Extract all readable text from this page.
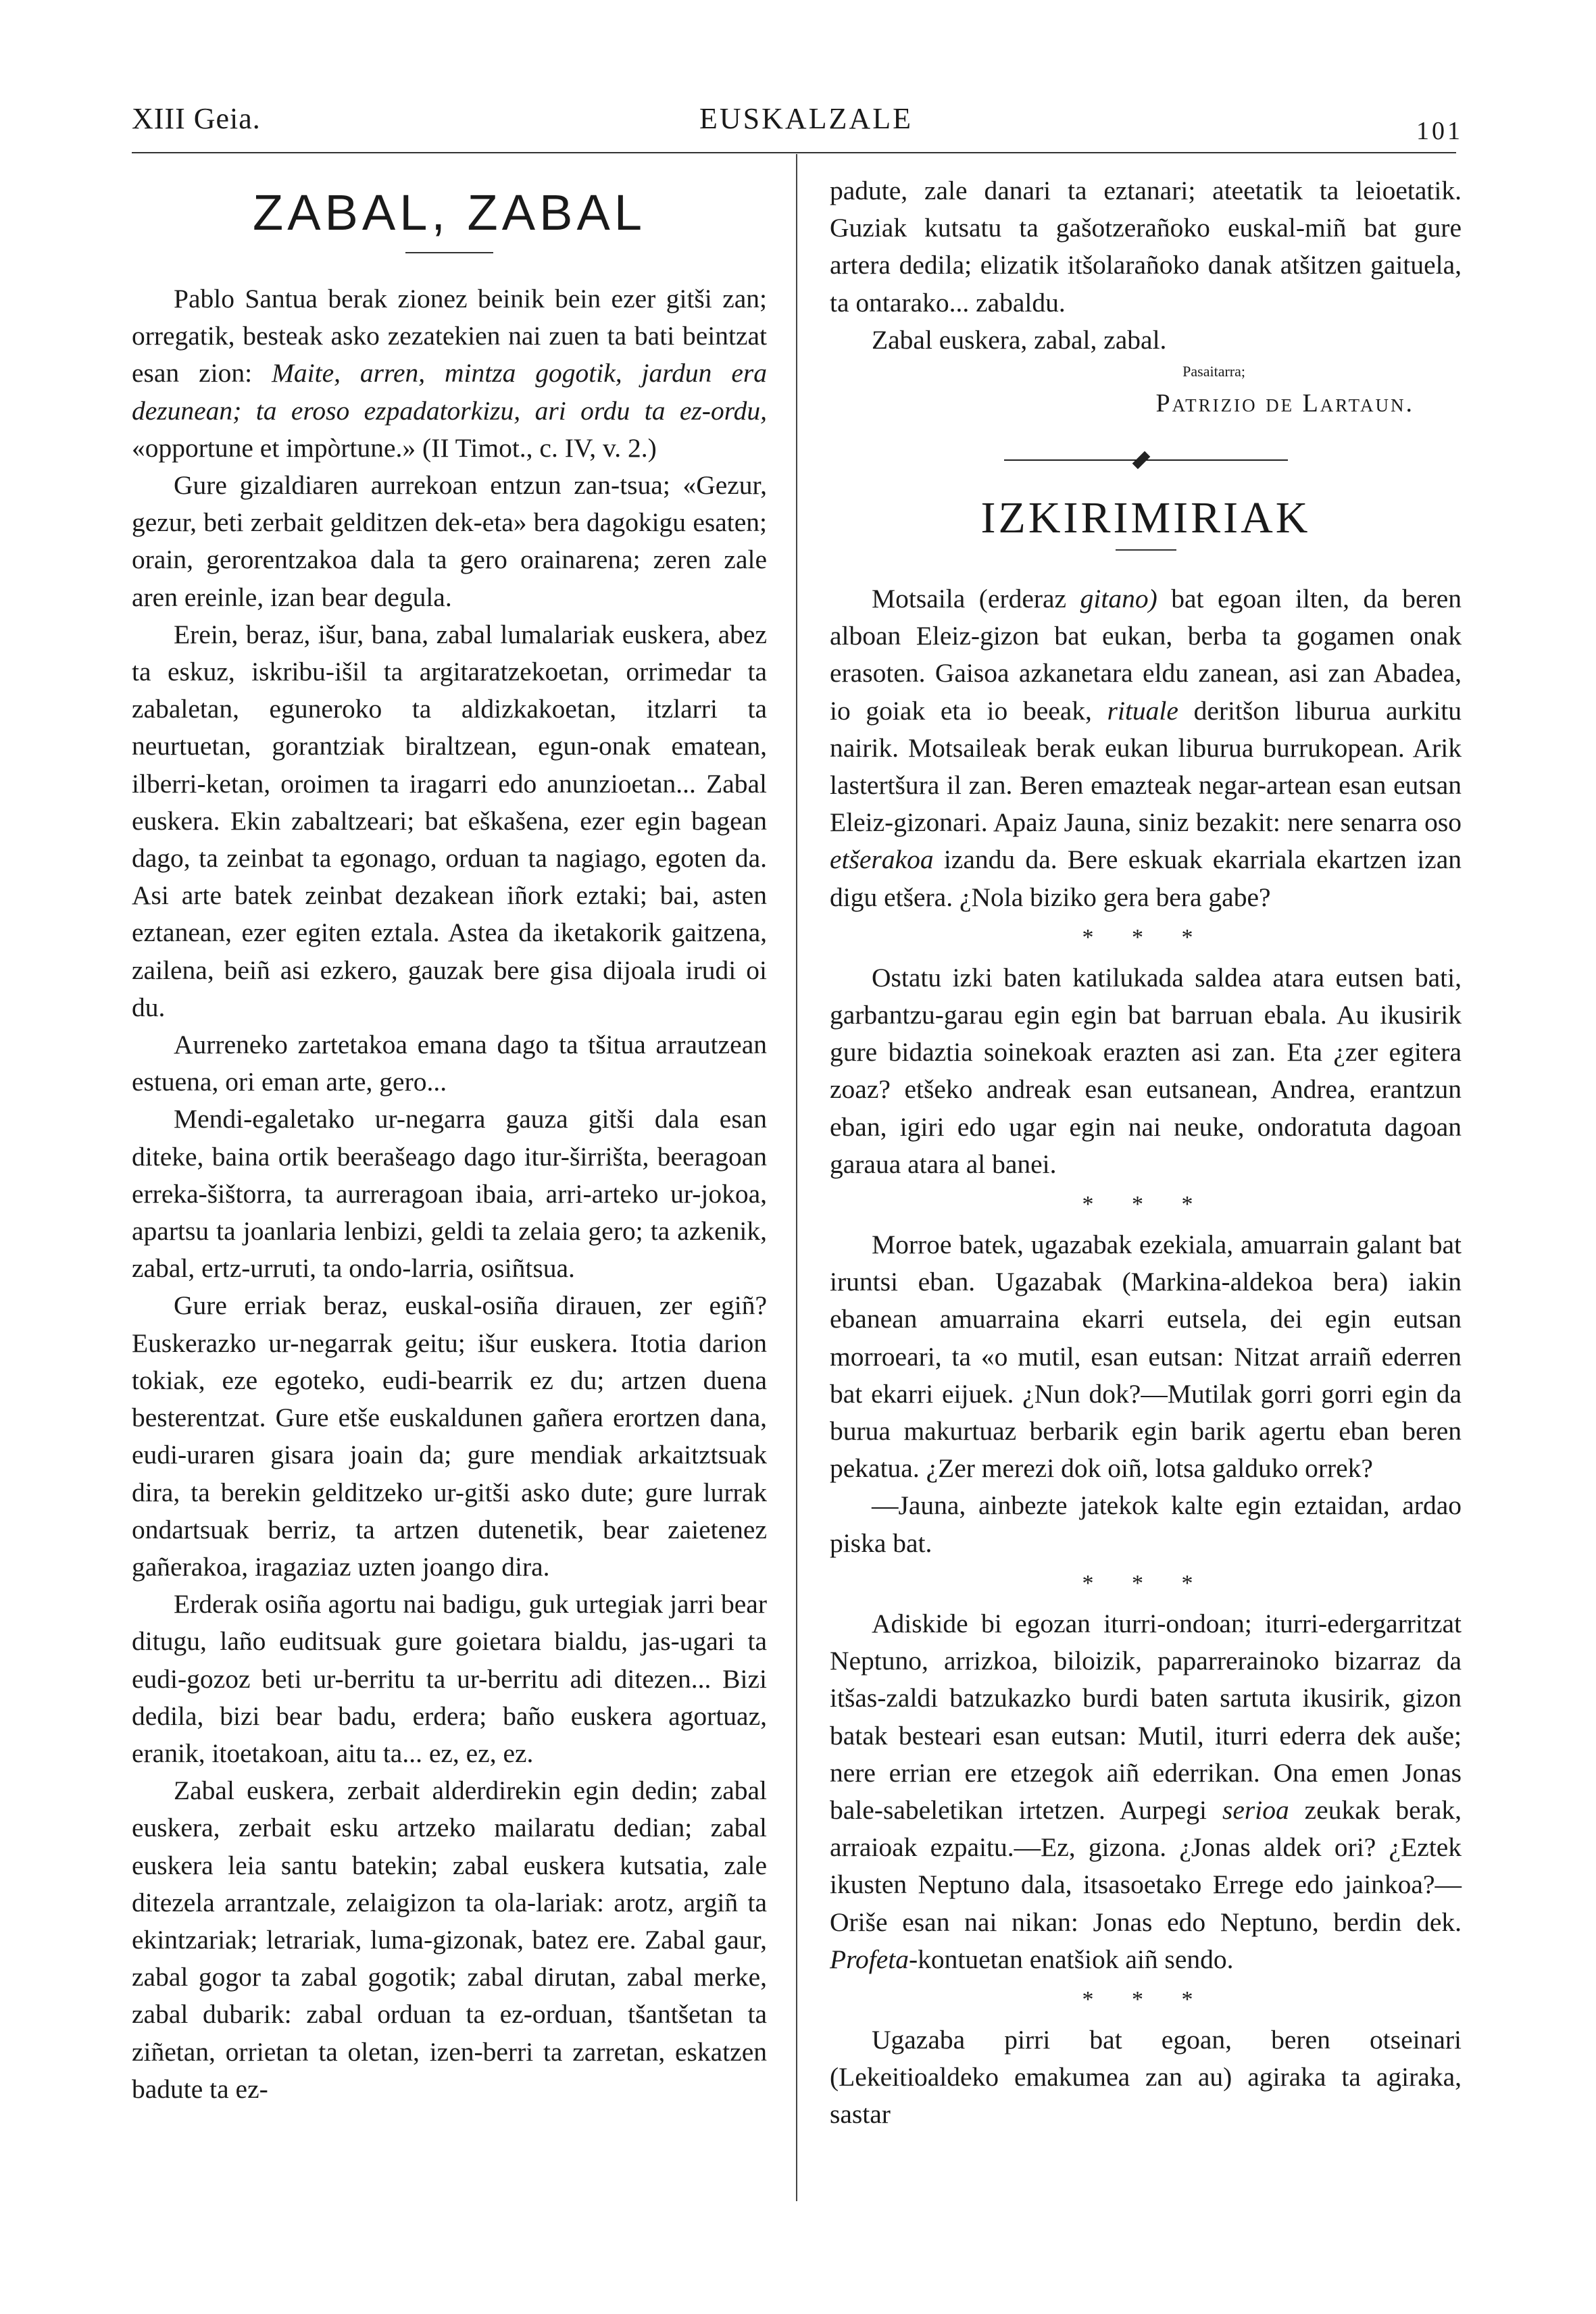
XIII Geia.	EUSKALZALE	101
ZABAL, ZABAL

Pablo Santua berak zionez beinik bein ezer gitši zan; orregatik, besteak asko zezatekien nai zuen ta bati beintzat esan zion: Maite, arren, mintza gogotik, jardun era dezunean; ta eroso ezpadatorkizu, ari ordu ta ez-ordu, «opportune et impòrtune.» (II Timot., c. IV, v. 2.)

Gure gizaldiaren aurrekoan entzun zan-tsua; «Gezur, gezur, beti zerbait gelditzen dek-eta» bera dagokigu esaten; orain, gerorentzakoa dala ta gero orainarena; zeren zale aren ereinle, izan bear degula.

Erein, beraz, išur, bana, zabal lumalariak euskera, abez ta eskuz, iskribu-išil ta argitaratzekoetan, orrimedar ta zabaletan, eguneroko ta aldizkakoetan, itzlarri ta neurtuetan, gorantziak biraltzean, egun-onak ematean, ilberri-ketan, oroimen ta iragarri edo anunzioetan... Zabal euskera. Ekin zabaltzeari; bat eškašena, ezer egin bagean dago, ta zeinbat ta egonago, orduan ta nagiago, egoten da. Asi arte batek zeinbat dezakean iñork eztaki; bai, asten eztanean, ezer egiten eztala. Astea da iketakorik gaitzena, zailena, beiñ asi ezkero, gauzak bere gisa dijoala irudi oi du.

Aurreneko zartetakoa emana dago ta tšitua arrautzean estuena, ori eman arte, gero...

Mendi-egaletako ur-negarra gauza gitši dala esan diteke, baina ortik beerašeago dago itur-širrišta, beeragoan erreka-šištorra, ta aurreragoan ibaia, arri-arteko ur-jokoa, apartsu ta joanlaria lenbizi, geldi ta zelaia gero; ta azkenik, zabal, ertz-urruti, ta ondo-larria, osiñtsua.

Gure erriak beraz, euskal-osiña dirauen, zer egiñ? Euskerazko ur-negarrak geitu; išur euskera. Itotia darion tokiak, eze egoteko, eudi-bearrik ez du; artzen duena besterentzat. Gure etše euskaldunen gañera erortzen dana, eudi-uraren gisara joain da; gure mendiak arkaitztsuak dira, ta berekin gelditzeko ur-gitši asko dute; gure lurrak ondartsuak berriz, ta artzen dutenetik, bear zaietenez gañerakoa, iragaziaz uzten joango dira.

Erderak osiña agortu nai badigu, guk urtegiak jarri bear ditugu, laño euditsuak gure goietara bialdu, jas-ugari ta eudi-gozoz beti ur-berritu ta ur-berritu adi ditezen... Bizi dedila, bizi bear badu, erdera; baño euskera agortuaz, eranik, itoetakoan, aitu ta... ez, ez, ez.

Zabal euskera, zerbait alderdirekin egin dedin; zabal euskera, zerbait esku artzeko mailaratu dedian; zabal euskera leia santu batekin; zabal euskera kutsatia, zale ditezela arrantzale, zelaigizon ta ola-lariak: arotz, argiñ ta ekintzariak; letrariak, luma-gizonak, batez ere. Zabal gaur, zabal gogor ta zabal gogotik; zabal dirutan, zabal merke, zabal dubarik: zabal orduan ta ez-orduan, tšantšetan ta ziñetan, orrietan ta oletan, izen-berri ta zarretan, eskatzen badute ta ez-

padute, zale danari ta eztanari; ateetatik ta leioetatik. Guziak kutsatu ta gašotzerañoko euskal-miñ bat gure artera dedila; elizatik itšolarañoko danak atšitzen gaituela, ta ontarako... zabaldu.

Zabal euskera, zabal, zabal.

Pasaitarra;
Patrizio de Lartaun.
IZKIRIMIRIAK

Motsaila (erderaz gitano) bat egoan ilten, da beren alboan Eleiz-gizon bat eukan, berba ta gogamen onak erasoten. Gaisoa azkanetara eldu zanean, asi zan Abadea, io goiak eta io beeak, rituale deritšon liburua aurkitu nairik. Motsaileak berak eukan liburua burrukopean. Arik lastertšura il zan. Beren emazteak negar-artean esan eutsan Eleiz-gizonari. Apaiz Jauna, siniz bezakit: nere senarra oso etšerakoa izandu da. Bere eskuak ekarriala ekartzen izan digu etšera. ¿Nola biziko gera bera gabe?

* * *

Ostatu izki baten katilukada saldea atara eutsen bati, garbantzu-garau egin egin bat barruan ebala. Au ikusirik gure bidaztia soinekoak erazten asi zan. Eta ¿zer egitera zoaz? etšeko andreak esan eutsanean, Andrea, erantzun eban, igiri edo ugar egin nai neuke, ondoratuta dagoan garaua atara al banei.

* * *

Morroe batek, ugazabak ezekiala, amuarrain galant bat iruntsi eban. Ugazabak (Markina-aldekoa bera) iakin ebanean amuarraina ekarri eutsela, dei egin eutsan morroeari, ta «o mutil, esan eutsan: Nitzat arraiñ ederren bat ekarri eijuek. ¿Nun dok?—Mutilak gorri gorri egin da burua makurtuaz berbarik egin barik agertu eban beren pekatua. ¿Zer merezi dok oiñ, lotsa galduko orrek?

—Jauna, ainbezte jatekok kalte egin eztaidan, ardao piska bat.

* * *

Adiskide bi egozan iturri-ondoan; iturri-edergarritzat Neptuno, arrizkoa, biloizik, paparrerainoko bizarraz da itšas-zaldi batzukazko burdi baten sartuta ikusirik, gizon batak besteari esan eutsan: Mutil, iturri ederra dek auše; nere errian ere etzegok aiñ ederrikan. Ona emen Jonas bale-sabeletikan irtetzen. Aurpegi serioa zeukak berak, arraioak ezpaitu.—Ez, gizona. ¿Jonas aldek ori? ¿Eztek ikusten Neptuno dala, itsasoetako Errege edo jainkoa?—Oriše esan nai nikan: Jonas edo Neptuno, berdin dek. Profeta-kontuetan enatšiok aiñ sendo.

* * *

Ugazaba pirri bat egoan, beren otseinari (Lekeitioaldeko emakumea zan au) agiraka ta agiraka, sastar
